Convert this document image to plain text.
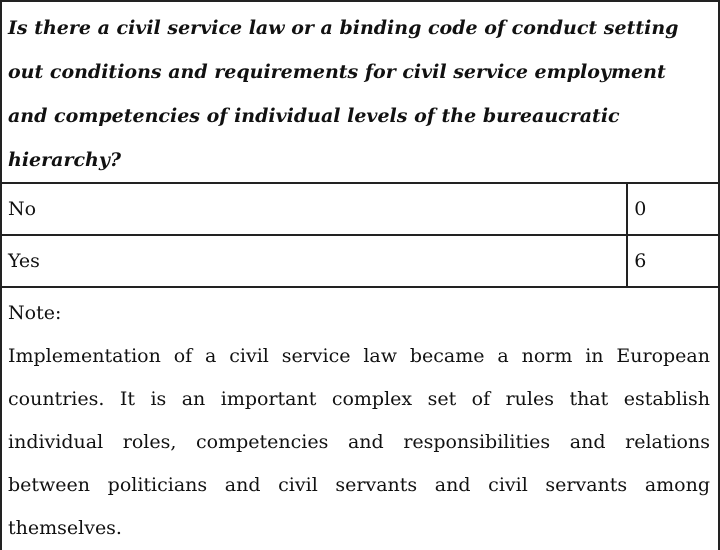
Is there a civil service law or a binding code of conduct setting out conditions and requirements for civil service employment and competencies of individual levels of the bureaucratic hierarchy?	

No	0
Yes	6

Note:
Implementation of a civil service law became a norm in European countries. It is an important complex set of rules that establish individual roles, competencies and responsibilities and relations between politicians and civil servants and civil servants among themselves.	
